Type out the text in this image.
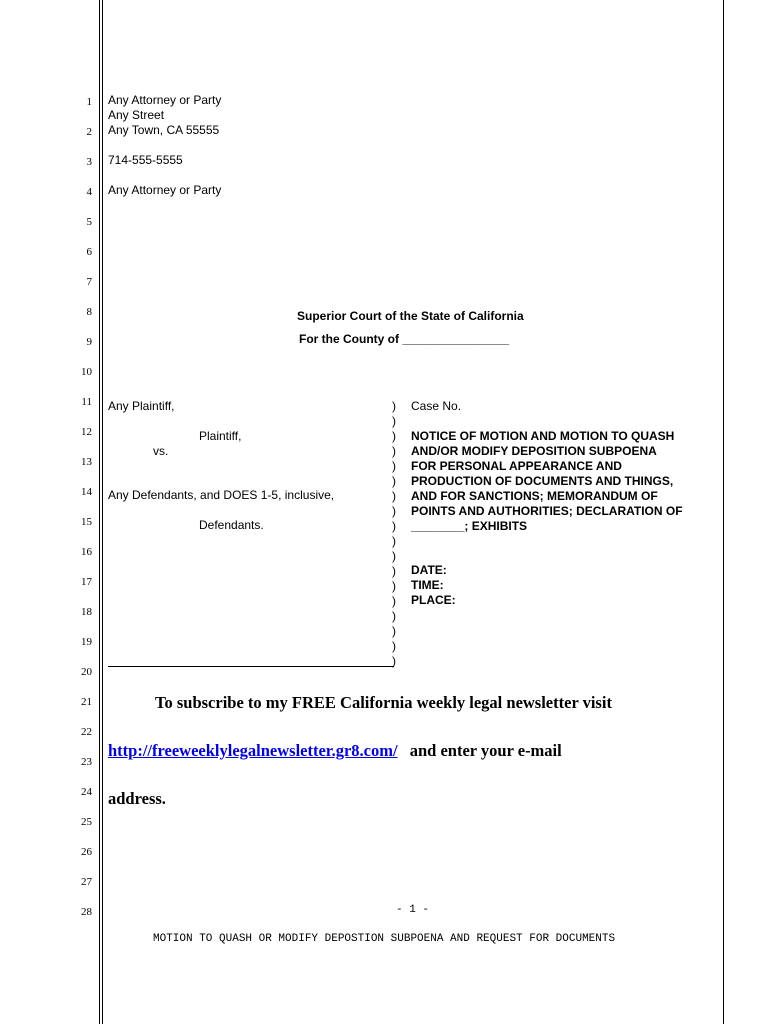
1
2
3
4
5
6
7
8
9
10
11
12
13
14
15
16
17
18
19
20
21
22
23
24
25
26
27
28
Any Attorney or Party
Any Street
Any Town, CA 55555
714-555-5555
Any Attorney or Party
Superior Court of the State of California
For the County of ________________
Any Plaintiff,
Plaintiff,
vs.
Any Defendants, and DOES 1-5, inclusive,
Defendants.
)
)
)
)
)
)
)
)
)
)
)
)
)
)
)
)
)
)
Case No.
NOTICE OF MOTION AND MOTION TO QUASH
AND/OR MODIFY DEPOSITION SUBPOENA
FOR PERSONAL APPEARANCE AND
PRODUCTION OF DOCUMENTS AND THINGS,
AND FOR SANCTIONS; MEMORANDUM OF
POINTS AND AUTHORITIES; DECLARATION OF
________; EXHIBITS
DATE:
TIME:
PLACE:
To subscribe to my FREE California weekly legal newsletter visit
http://freeweeklylegalnewsletter.gr8.com/ and enter your e-mail
address.
- 1 -
MOTION TO QUASH OR MODIFY DEPOSTION SUBPOENA AND REQUEST FOR DOCUMENTS
